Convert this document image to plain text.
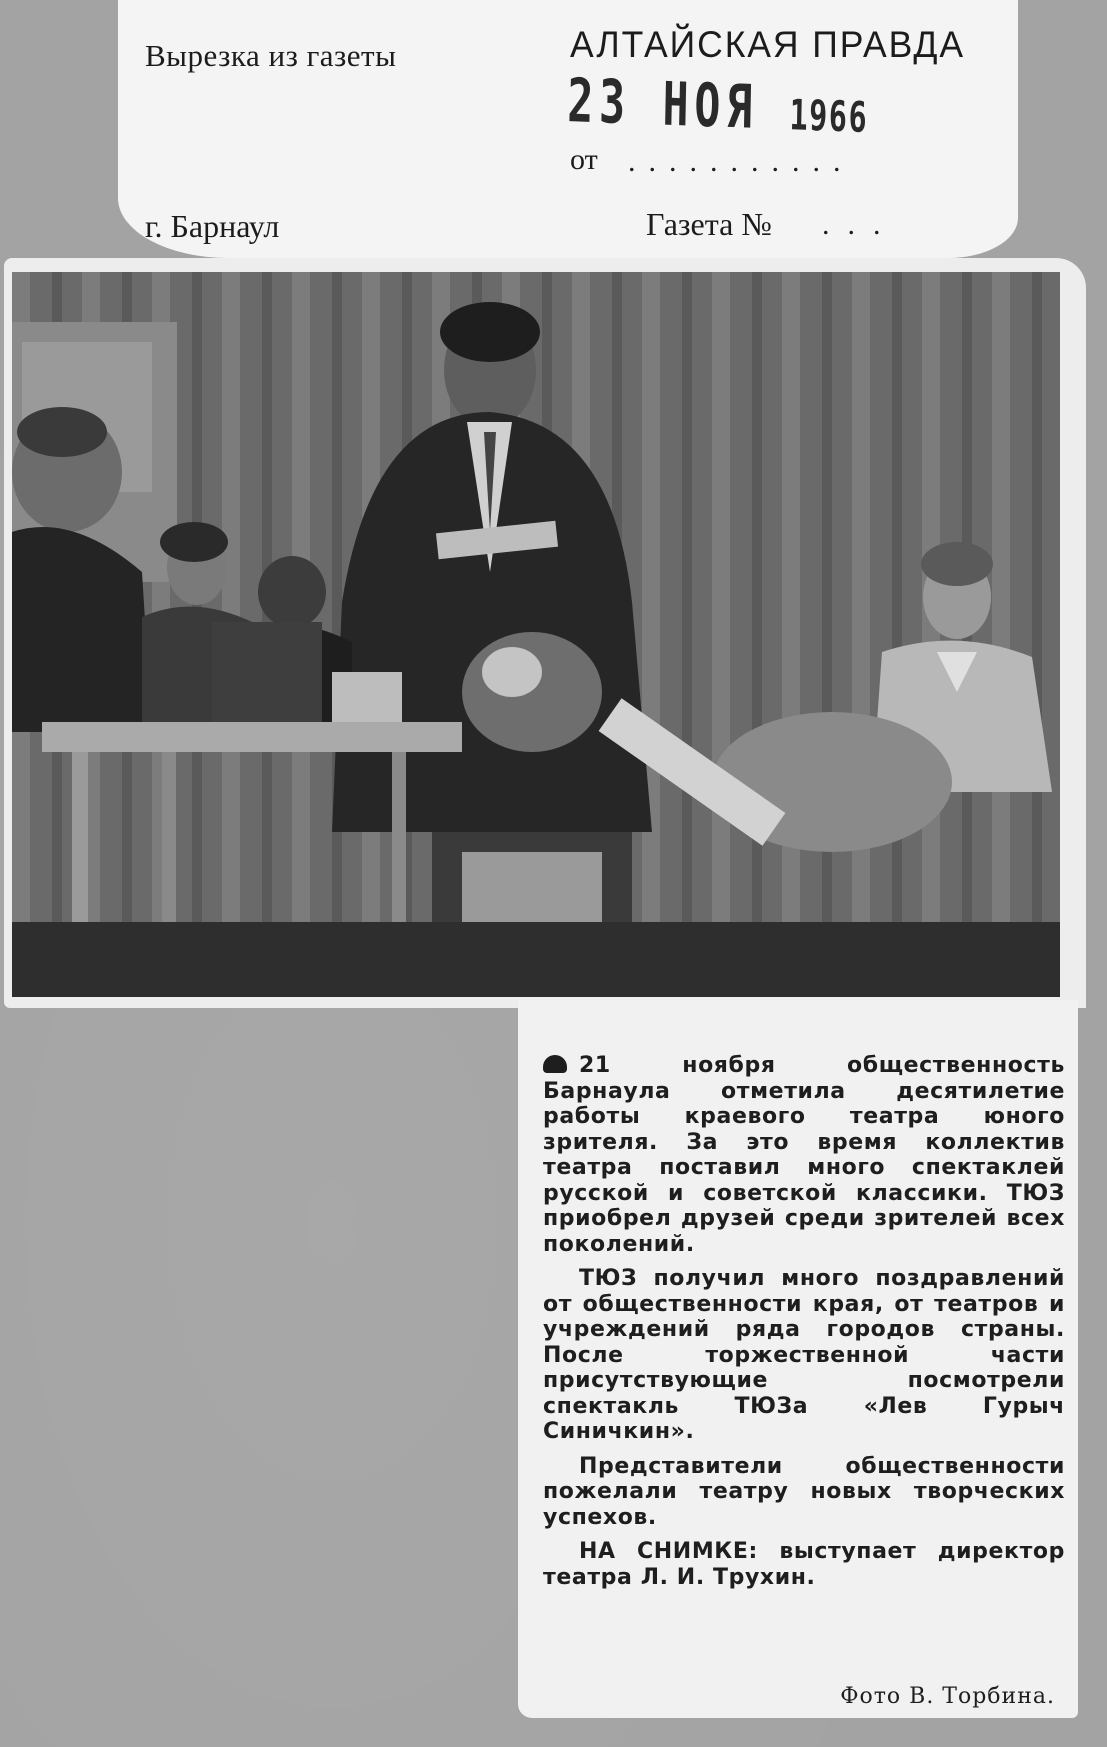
Вырезка из газеты	АЛТАЙСКАЯ ПРАВДА
23 НОЯ 1966
от ...........
г. Барнаул	Газета № ...

21 ноября общественность Барнаула отметила десятилетие работы краевого театра юного зрителя. За это время коллектив театра поставил много спектаклей русской и советской классики. ТЮЗ приобрел друзей среди зрителей всех поколений.

ТЮЗ получил много поздравлений от общественности края, от театров и учреждений ряда городов страны. После торжественной части присутствующие посмотрели спектакль ТЮЗа «Лев Гурыч Синичкин».

Представители общественности пожелали театру новых творческих успехов.

НА СНИМКЕ: выступает директор театра Л. И. Трухин.

Фото В. Торбина.
